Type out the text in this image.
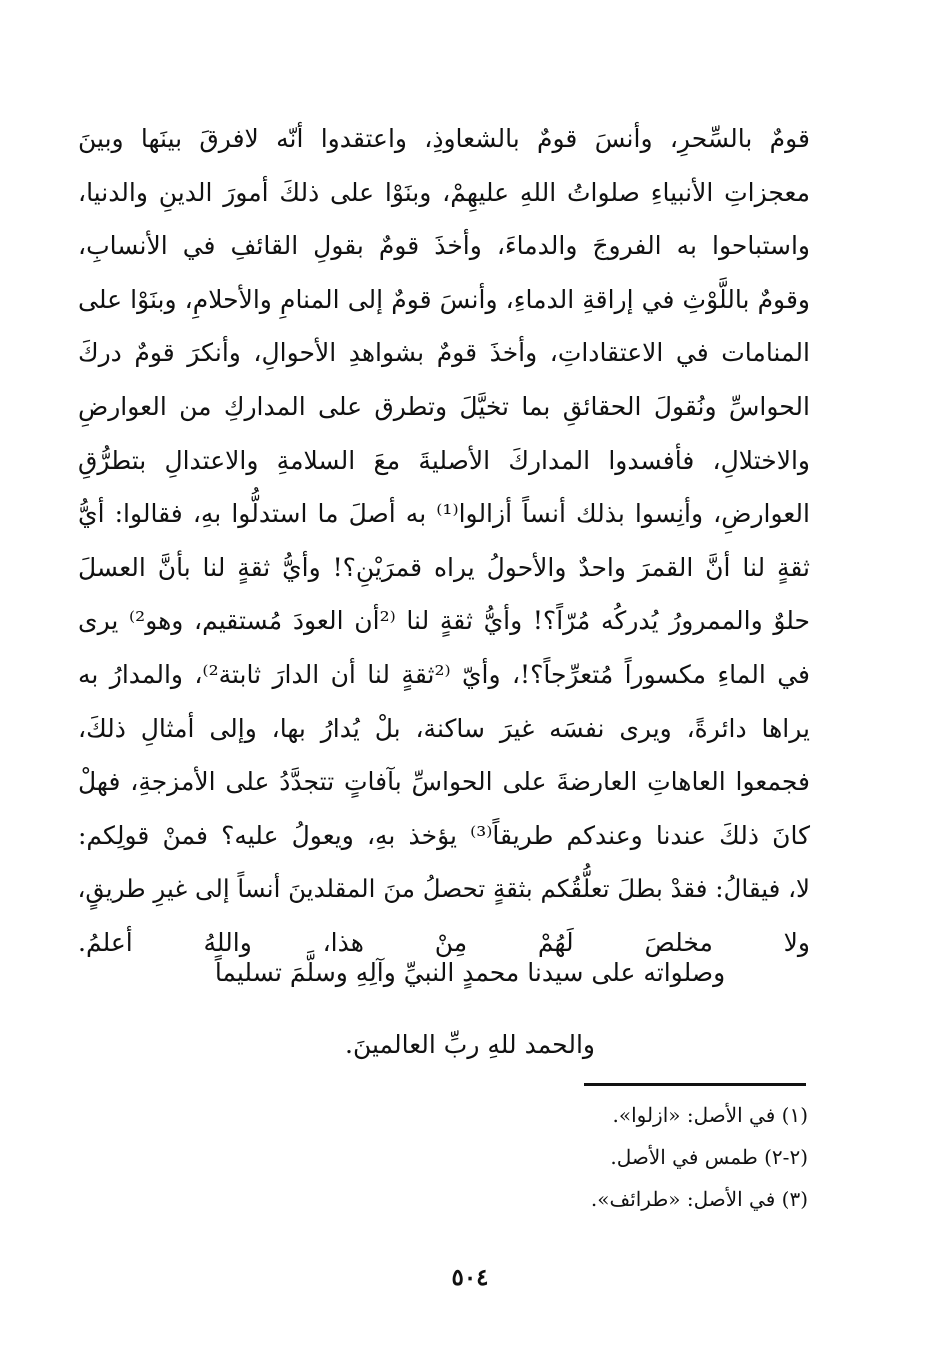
قومٌ بالسِّحرِ، وأنسَ قومٌ بالشعاوذِ، واعتقدوا أنّه لافرقَ بينَها وبينَ
معجزاتِ الأنبياءِ صلواتُ اللهِ عليهِمْ، وبنَوْا على ذلكَ أمورَ الدينِ والدنيا،
واستباحوا به الفروجَ والدماءَ، وأخذَ قومٌ بقولِ القائفِ في الأنسابِ،
وقومٌ باللَّوْثِ في إراقةِ الدماءِ، وأنسَ قومٌ إلى المنامِ والأحلامِ، وبنَوْا على
المنامات في الاعتقاداتِ، وأخذَ قومٌ بشواهدِ الأحوالِ، وأنكرَ قومٌ دركَ
الحواسِّ ونُقولَ الحقائقِ بما تخيَّلَ وتطرق على المداركِ من العوارضِ
والاختلالِ، فأفسدوا المداركَ الأصليةَ معَ السلامةِ والاعتدالِ بتطرُّقِ
العوارضِ، وأنِسوا بذلك أنساً أزالوا⁽¹⁾ به أصلَ ما استدلُّوا بهِ، فقالوا: أيُّ
ثقةٍ لنا أنَّ القمرَ واحدٌ والأحولُ يراه قمرَيْنِ؟! وأيُّ ثقةٍ لنا بأنَّ العسلَ
حلوٌ والممرورُ يُدركُه مُرّاً؟! وأيُّ ثقةٍ لنا ⁽²أن العودَ مُستقيم، وهو²⁾ يرى
في الماءِ مكسوراً مُتعرِّجاً؟!، وأيّ ⁽²ثقةٍ لنا أن الدارَ ثابتة²⁾، والمدارُ به
يراها دائرةً، ويرى نفسَه غيرَ ساكنة، بلْ يُدارُ بها، وإلى أمثالِ ذلكَ،
فجمعوا العاهاتِ العارضةَ على الحواسِّ بآفاتٍ تتجدَّدُ على الأمزجةِ، فهلْ
كانَ ذلكَ عندنا وعندكم طريقاً⁽³⁾ يؤخذ بهِ، ويعولُ عليه؟ فمنْ قولِكم:
لا، فيقالُ: فقدْ بطلَ تعلُّقُكم بثقةٍ تحصلُ منَ المقلدينَ أنساً إلى غيرِ طريقٍ،
ولا مخلصَ لَهُمْ مِنْ هذا، واللهُ أعلمُ.
وصلواته على سيدنا محمدٍ النبيِّ وآلِهِ وسلَّمَ تسليماً
والحمد للهِ ربِّ العالمينَ.
(١) في الأصل: «ازلوا».
(٢-٢) طمس في الأصل.
(٣) في الأصل: «طرائف».
٥٠٤
